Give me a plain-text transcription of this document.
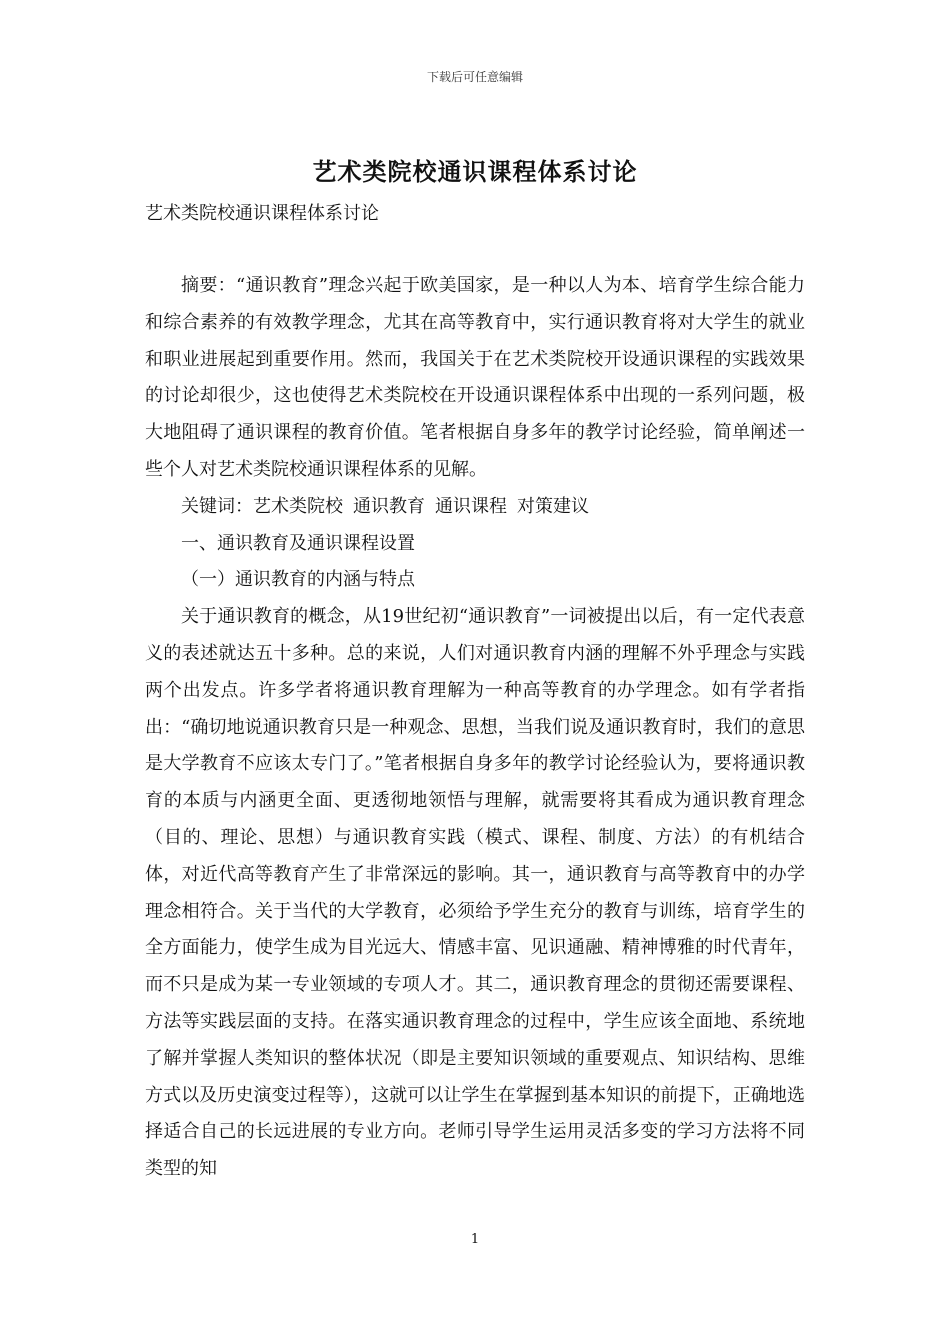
下载后可任意编辑
艺术类院校通识课程体系讨论
艺术类院校通识课程体系讨论

摘要：“通识教育”理念兴起于欧美国家，是一种以人为本、培育学生综合能力和综合素养的有效教学理念，尤其在高等教育中，实行通识教育将对大学生的就业和职业进展起到重要作用。然而，我国关于在艺术类院校开设通识课程的实践效果的讨论却很少，这也使得艺术类院校在开设通识课程体系中出现的一系列问题，极大地阻碍了通识课程的教育价值。笔者根据自身多年的教学讨论经验，简单阐述一些个人对艺术类院校通识课程体系的见解。

关键词：艺术类院校 通识教育 通识课程 对策建议

一、通识教育及通识课程设置

（一）通识教育的内涵与特点

关于通识教育的概念，从19世纪初“通识教育”一词被提出以后，有一定代表意义的表述就达五十多种。总的来说，人们对通识教育内涵的理解不外乎理念与实践两个出发点。许多学者将通识教育理解为一种高等教育的办学理念。如有学者指出：“确切地说通识教育只是一种观念、思想，当我们说及通识教育时，我们的意思是大学教育不应该太专门了。”笔者根据自身多年的教学讨论经验认为，要将通识教育的本质与内涵更全面、更透彻地领悟与理解，就需要将其看成为通识教育理念（目的、理论、思想）与通识教育实践（模式、课程、制度、方法）的有机结合体，对近代高等教育产生了非常深远的影响。其一，通识教育与高等教育中的办学理念相符合。关于当代的大学教育，必须给予学生充分的教育与训练，培育学生的全方面能力，使学生成为目光远大、情感丰富、见识通融、精神博雅的时代青年，而不只是成为某一专业领域的专项人才。其二，通识教育理念的贯彻还需要课程、方法等实践层面的支持。在落实通识教育理念的过程中，学生应该全面地、系统地了解并掌握人类知识的整体状况（即是主要知识领域的重要观点、知识结构、思维方式以及历史演变过程等），这就可以让学生在掌握到基本知识的前提下，正确地选择适合自己的长远进展的专业方向。老师引导学生运用灵活多变的学习方法将不同类型的知

1
